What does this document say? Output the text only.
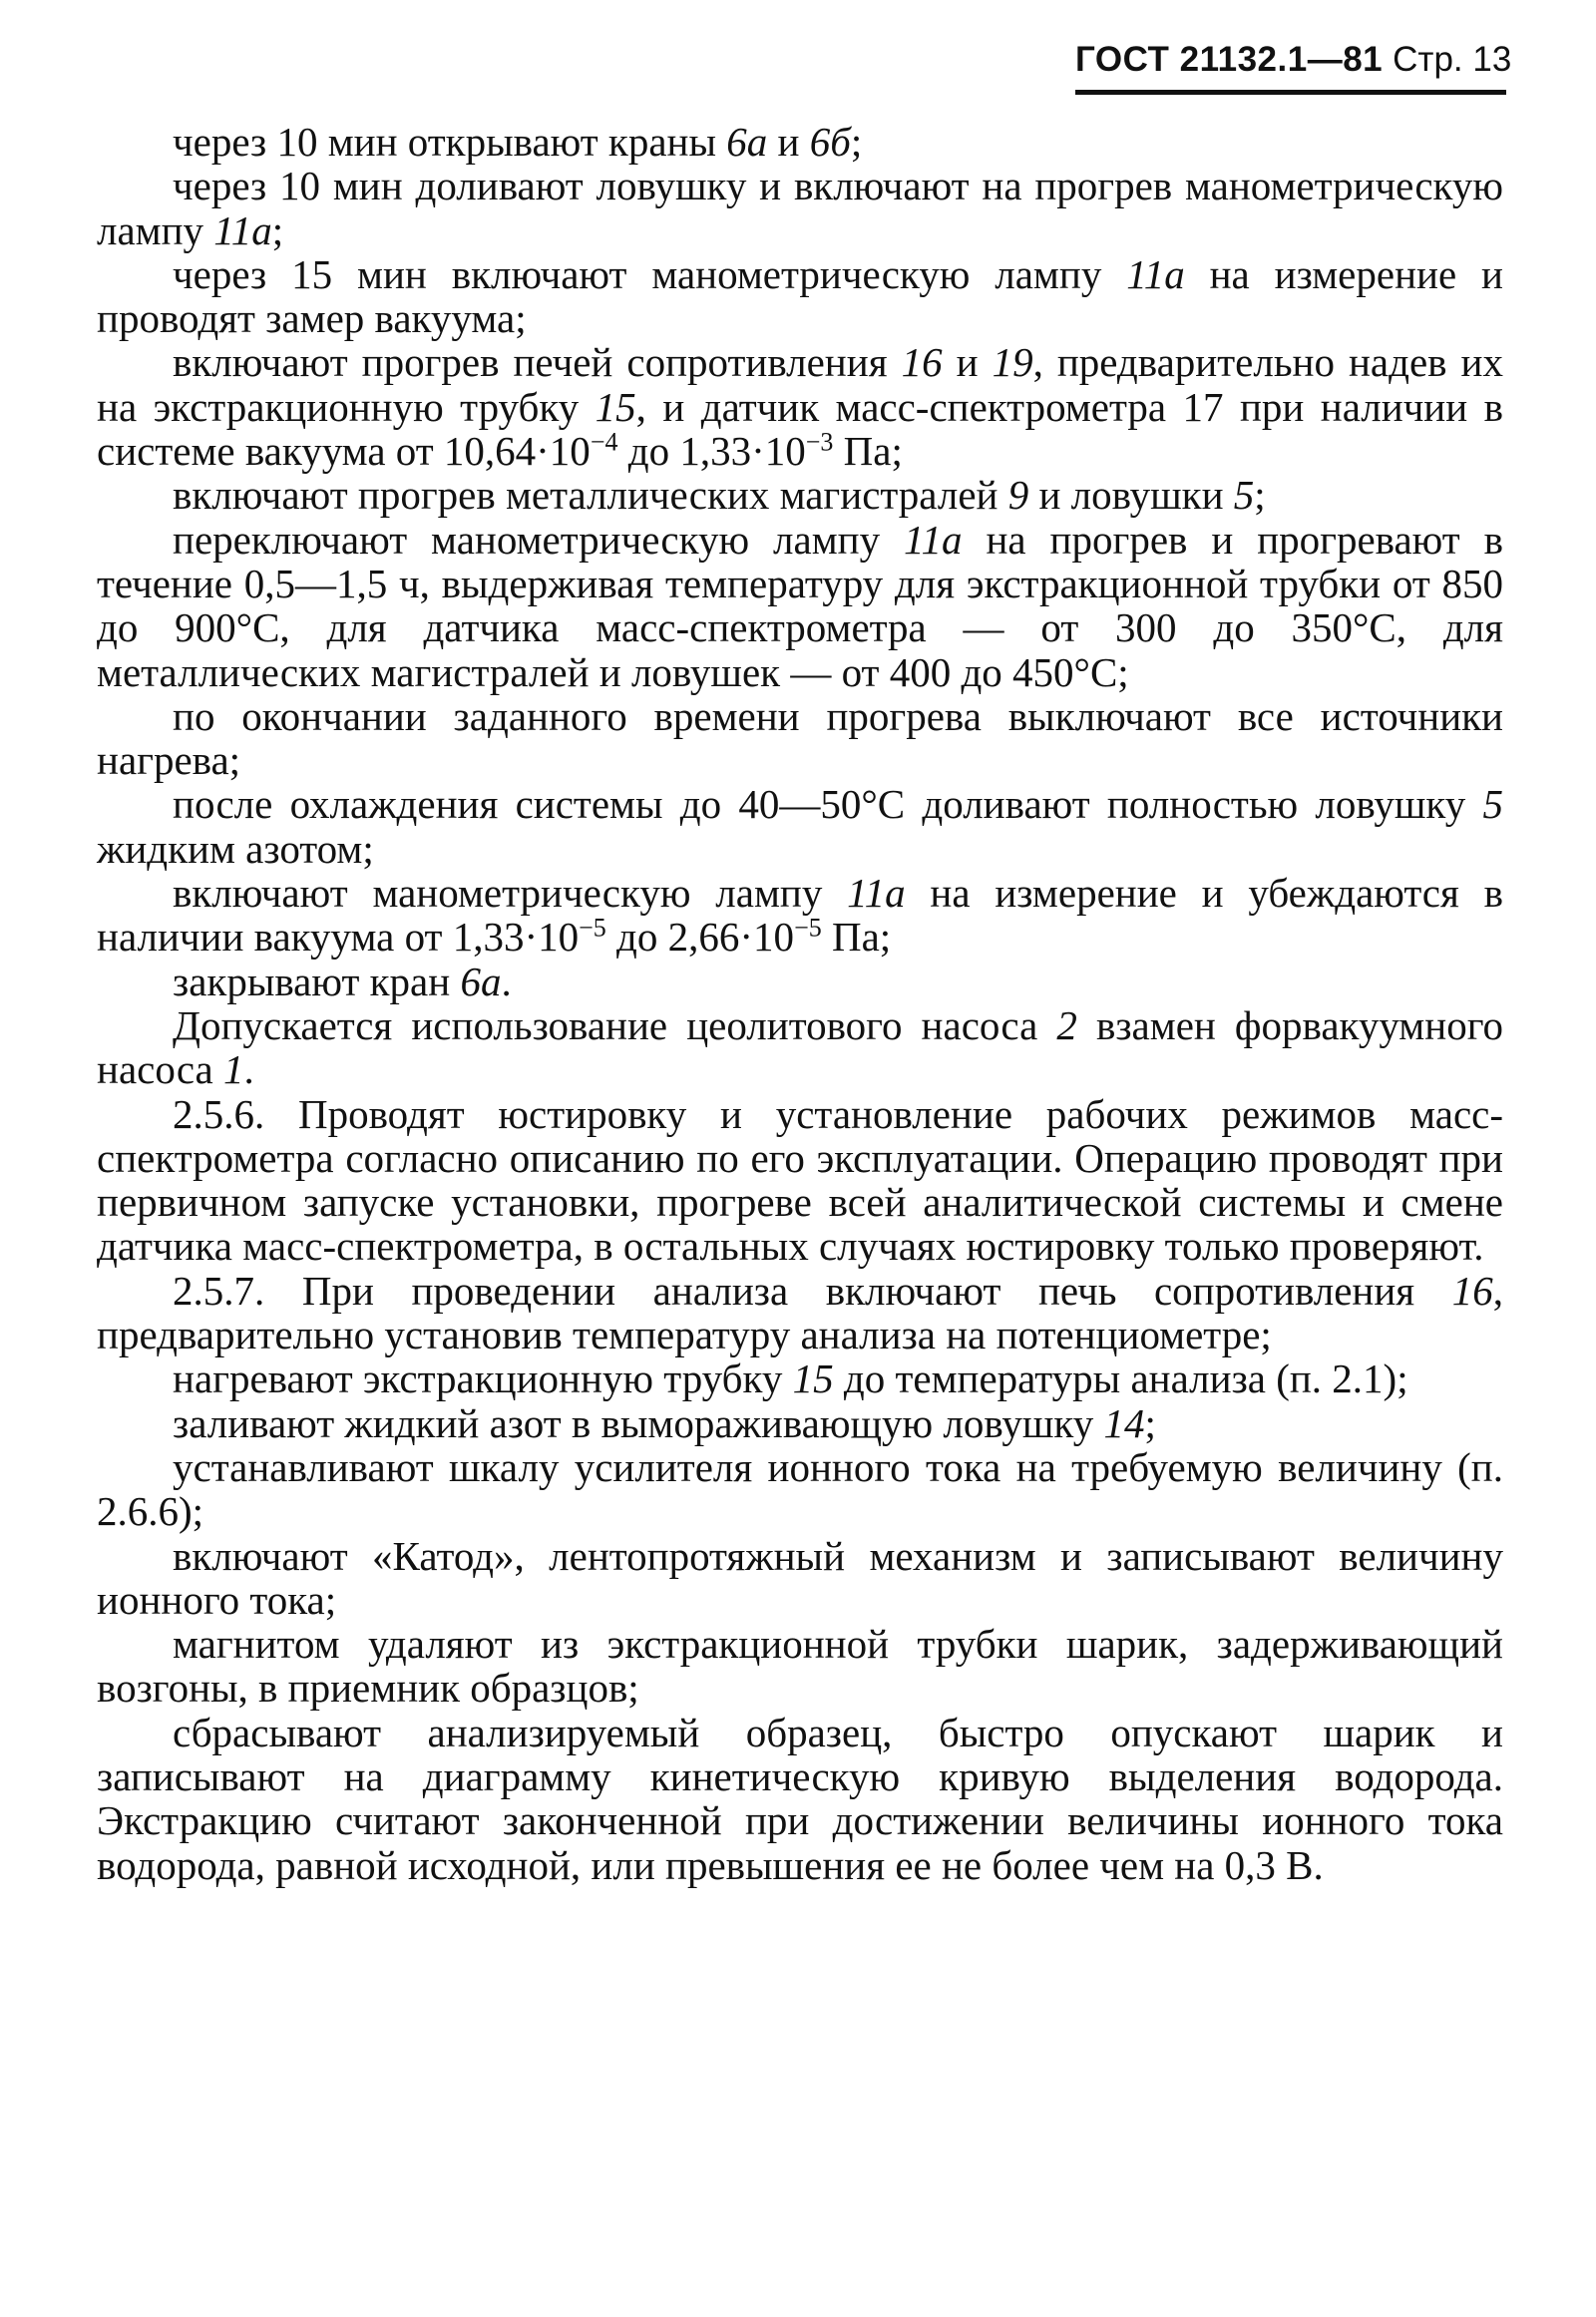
ГОСТ 21132.1—81 Стр. 13

через 10 мин открывают краны 6а и 6б;

через 10 мин доливают ловушку и включают на прогрев манометрическую лампу 11а;

через 15 мин включают манометрическую лампу 11а на измерение и проводят замер вакуума;

включают прогрев печей сопротивления 16 и 19, предварительно надев их на экстракционную трубку 15, и датчик масс-спектрометра 17 при наличии в системе вакуума от $10,64\cdot 10^{-4}$ до $1,33\cdot 10^{-3}$ Па;

включают прогрев металлических магистралей 9 и ловушки 5;

переключают манометрическую лампу 11а на прогрев и прогревают в течение 0,5—1,5 ч, выдерживая температуру для экстракционной трубки от 850 до 900°С, для датчика масс-спектрометра — от 300 до 350°С, для металлических магистралей и ловушек — от 400 до 450°С;

по окончании заданного времени прогрева выключают все источники нагрева;

после охлаждения системы до 40—50°С доливают полностью ловушку 5 жидким азотом;

включают манометрическую лампу 11а на измерение и убеждаются в наличии вакуума от $1,33\cdot 10^{-5}$ до $2,66\cdot 10^{-5}$ Па;

закрывают кран 6а.

Допускается использование цеолитового насоса 2 взамен форвакуумного насоса 1.

2.5.6. Проводят юстировку и установление рабочих режимов масс-спектрометра согласно описанию по его эксплуатации. Операцию проводят при первичном запуске установки, прогреве всей аналитической системы и смене датчика масс-спектрометра, в остальных случаях юстировку только проверяют.

2.5.7. При проведении анализа включают печь сопротивления 16, предварительно установив температуру анализа на потенциометре;

нагревают экстракционную трубку 15 до температуры анализа (п. 2.1);

заливают жидкий азот в вымораживающую ловушку 14;

устанавливают шкалу усилителя ионного тока на требуемую величину (п. 2.6.6);

включают «Катод», лентопротяжный механизм и записывают величину ионного тока;

магнитом удаляют из экстракционной трубки шарик, задерживающий возгоны, в приемник образцов;

сбрасывают анализируемый образец, быстро опускают шарик и записывают на диаграмму кинетическую кривую выделения водорода. Экстракцию считают законченной при достижении величины ионного тока водорода, равной исходной, или превышения ее не более чем на 0,3 В.
